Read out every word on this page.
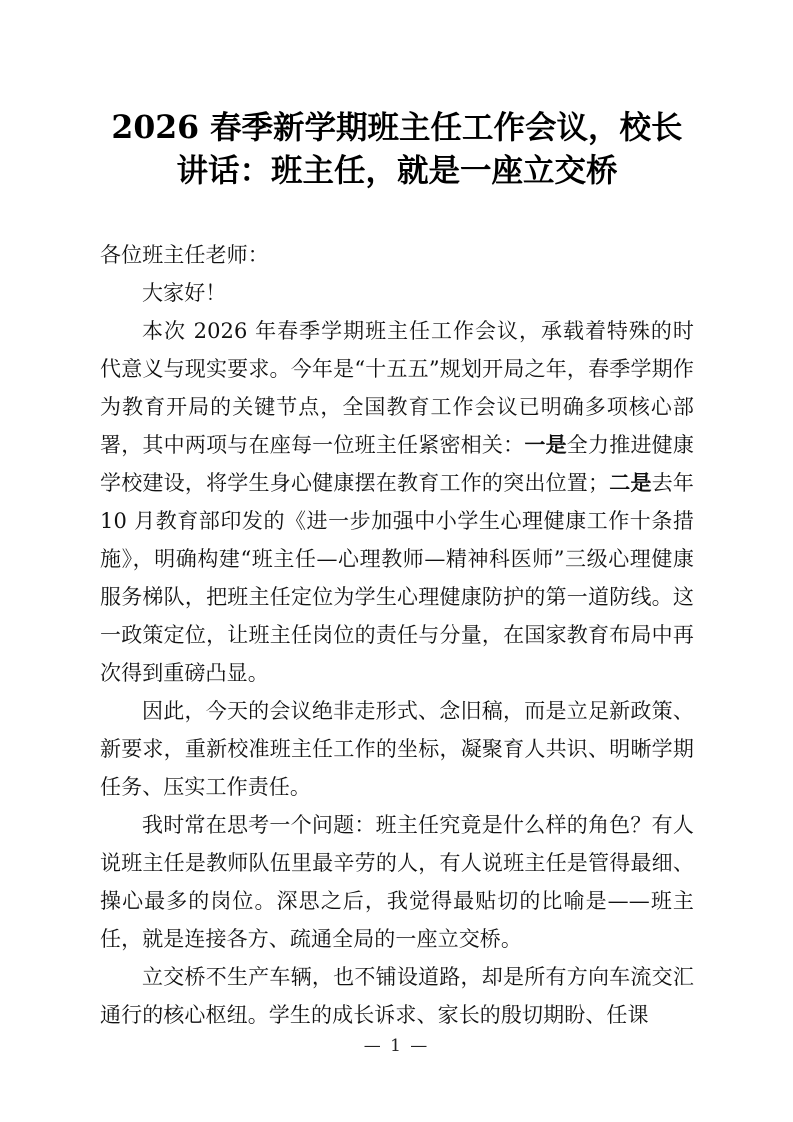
2026 春季新学期班主任工作会议，校长讲话：班主任，就是一座立交桥

各位班主任老师：

大家好！

本次 2026 年春季学期班主任工作会议，承载着特殊的时代意义与现实要求。今年是“十五五”规划开局之年，春季学期作为教育开局的关键节点，全国教育工作会议已明确多项核心部署，其中两项与在座每一位班主任紧密相关：一是全力推进健康学校建设，将学生身心健康摆在教育工作的突出位置；二是去年 10 月教育部印发的《进一步加强中小学生心理健康工作十条措施》，明确构建“班主任—心理教师—精神科医师”三级心理健康服务梯队，把班主任定位为学生心理健康防护的第一道防线。这一政策定位，让班主任岗位的责任与分量，在国家教育布局中再次得到重磅凸显。

因此，今天的会议绝非走形式、念旧稿，而是立足新政策、新要求，重新校准班主任工作的坐标，凝聚育人共识、明晰学期任务、压实工作责任。

我时常在思考一个问题：班主任究竟是什么样的角色？有人说班主任是教师队伍里最辛劳的人，有人说班主任是管得最细、操心最多的岗位。深思之后，我觉得最贴切的比喻是——班主任，就是连接各方、疏通全局的一座立交桥。

立交桥不生产车辆，也不铺设道路，却是所有方向车流交汇通行的核心枢纽。学生的成长诉求、家长的殷切期盼、任课

— 1 —
